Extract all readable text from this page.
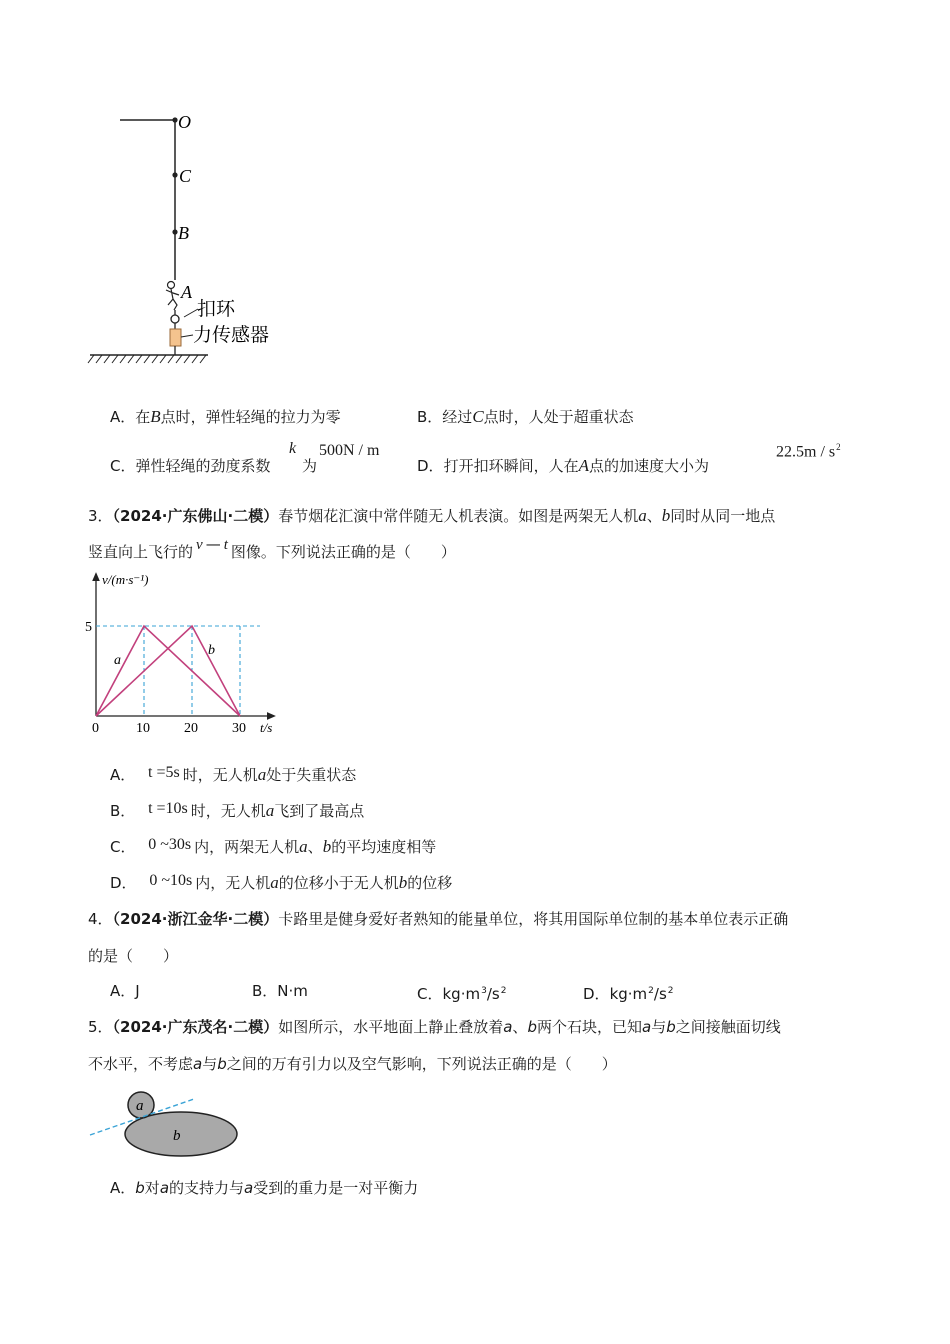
O
C
B
A
扣环
力传感器
A．在B点时，弹性轻绳的拉力为零	B．经过C点时，人处于超重状态
C．弹性轻绳的劲度系数
k
为
500N / m
D．打开扣环瞬间，人在A点的加速度大小为
$22.5m / s^2$
3．（2024·广东佛山·二模）春节烟花汇演中常伴随无人机表演。如图是两架无人机a、b同时从同一地点
竖直向上飞行的 v — t 图像。下列说法正确的是（　　）
v/(m·s⁻¹)
t/s
0	10 20 30
5
a
b
A． t =5s 时，无人机a处于失重状态
B． t =10s 时，无人机a飞到了最高点
C． 0 ~30s 内，两架无人机a、b的平均速度相等
D． 0 ~10s 内，无人机a的位移小于无人机b的位移
4．（2024·浙江金华·二模）卡路里是健身爱好者熟知的能量单位，将其用国际单位制的基本单位表示正确
的是（　　）
A．J	B．N·m	C．$kg\cdot m^3/s^2$	D．$kg\cdot m^2/s^2$
5．（2024·广东茂名·二模）如图所示，水平地面上静止叠放着a、b两个石块，已知a与b之间接触面切线
不水平，不考虑a与b之间的万有引力以及空气影响，下列说法正确的是（　　）
a
b
A．b对a的支持力与a受到的重力是一对平衡力
